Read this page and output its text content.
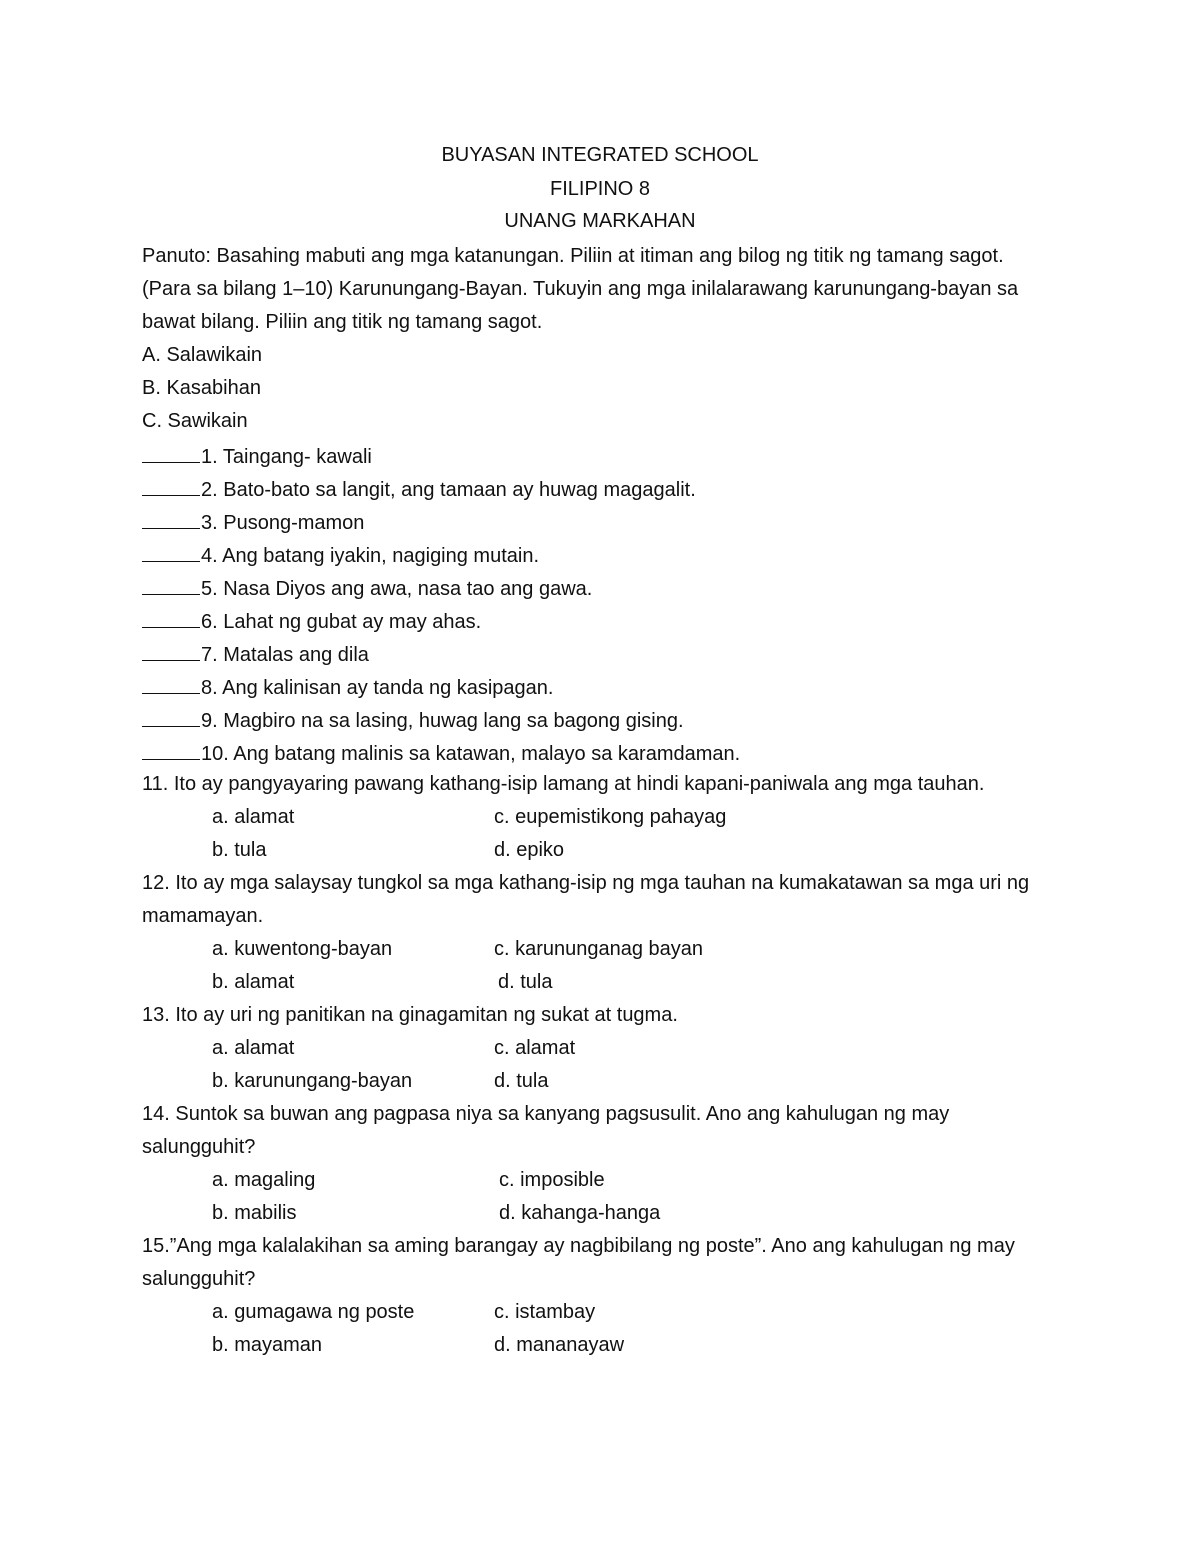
BUYASAN INTEGRATED SCHOOL
FILIPINO 8
UNANG MARKAHAN
Panuto: Basahing mabuti ang mga katanungan. Piliin at itiman ang bilog ng titik ng tamang sagot.
(Para sa bilang 1–10) Karunungang-Bayan. Tukuyin ang mga inilalarawang karunungang-bayan sa bawat bilang. Piliin ang titik ng tamang sagot.
A. Salawikain
B. Kasabihan
C. Sawikain
1. Taingang- kawali
2. Bato-bato sa langit, ang tamaan ay huwag magagalit.
3. Pusong-mamon
4. Ang batang iyakin, nagiging mutain.
5. Nasa Diyos ang awa, nasa tao ang gawa.
6. Lahat ng gubat ay may ahas.
7. Matalas ang dila
8. Ang kalinisan ay tanda ng kasipagan.
9. Magbiro na sa lasing, huwag lang sa bagong gising.
10. Ang batang malinis sa katawan, malayo sa karamdaman.
11. Ito ay pangyayaring pawang kathang-isip lamang at hindi kapani-paniwala ang mga tauhan.
a. alamat
b. tula
c. eupemistikong pahayag
d. epiko
12. Ito ay mga salaysay tungkol sa mga kathang-isip ng mga tauhan na kumakatawan sa mga uri ng mamamayan.
a. kuwentong-bayan
b. alamat
c. karununganag bayan
d. tula
13. Ito ay uri ng panitikan na ginagamitan ng sukat at tugma.
a. alamat
b. karunungang-bayan
c. alamat
d. tula
14. Suntok sa buwan ang pagpasa niya sa kanyang pagsusulit. Ano ang kahulugan ng may salungguhit?
a. magaling
b. mabilis
c. imposible
d. kahanga-hanga
15.”Ang mga kalalakihan sa aming barangay ay nagbibilang ng poste”. Ano ang kahulugan ng may salungguhit?
a. gumagawa ng poste
b. mayaman
c. istambay
d. mananayaw
